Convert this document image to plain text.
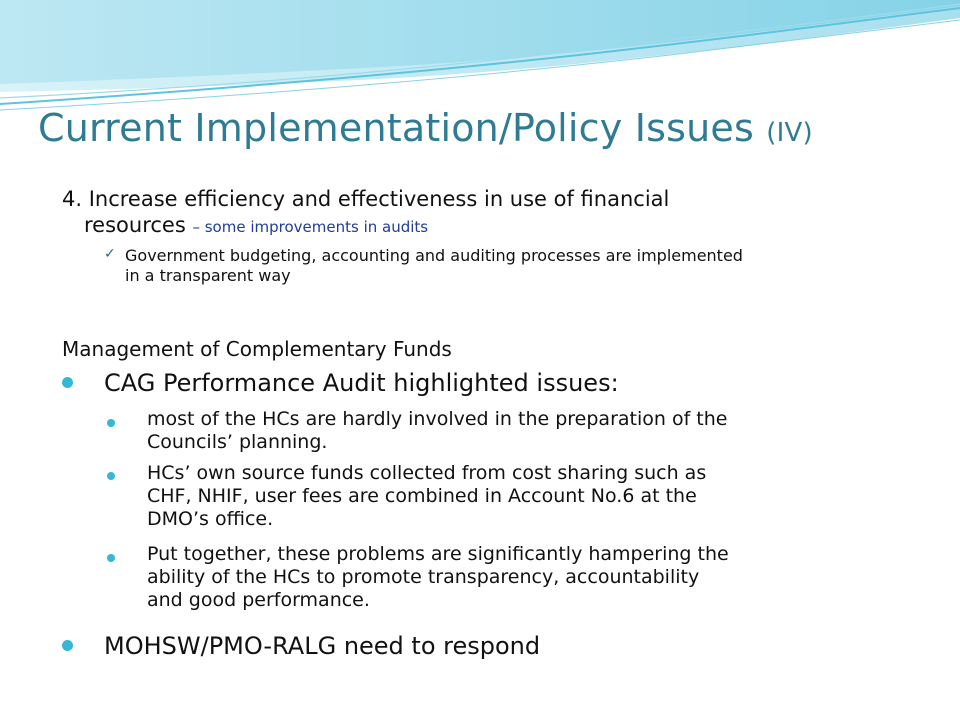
Current Implementation/Policy Issues (IV)
4. Increase efficiency and effectiveness in use of financial
resources – some improvements in audits
✓ Government budgeting, accounting and auditing processes are implemented
in a transparent way
Management of Complementary Funds
CAG Performance Audit highlighted issues:
most of the HCs are hardly involved in the preparation of the
Councils’ planning.
HCs’ own source funds collected from cost sharing such as
CHF, NHIF, user fees are combined in Account No.6 at the
DMO’s office.
Put together, these problems are significantly hampering the
ability of the HCs to promote transparency, accountability
and good performance.
MOHSW/PMO-RALG need to respond
